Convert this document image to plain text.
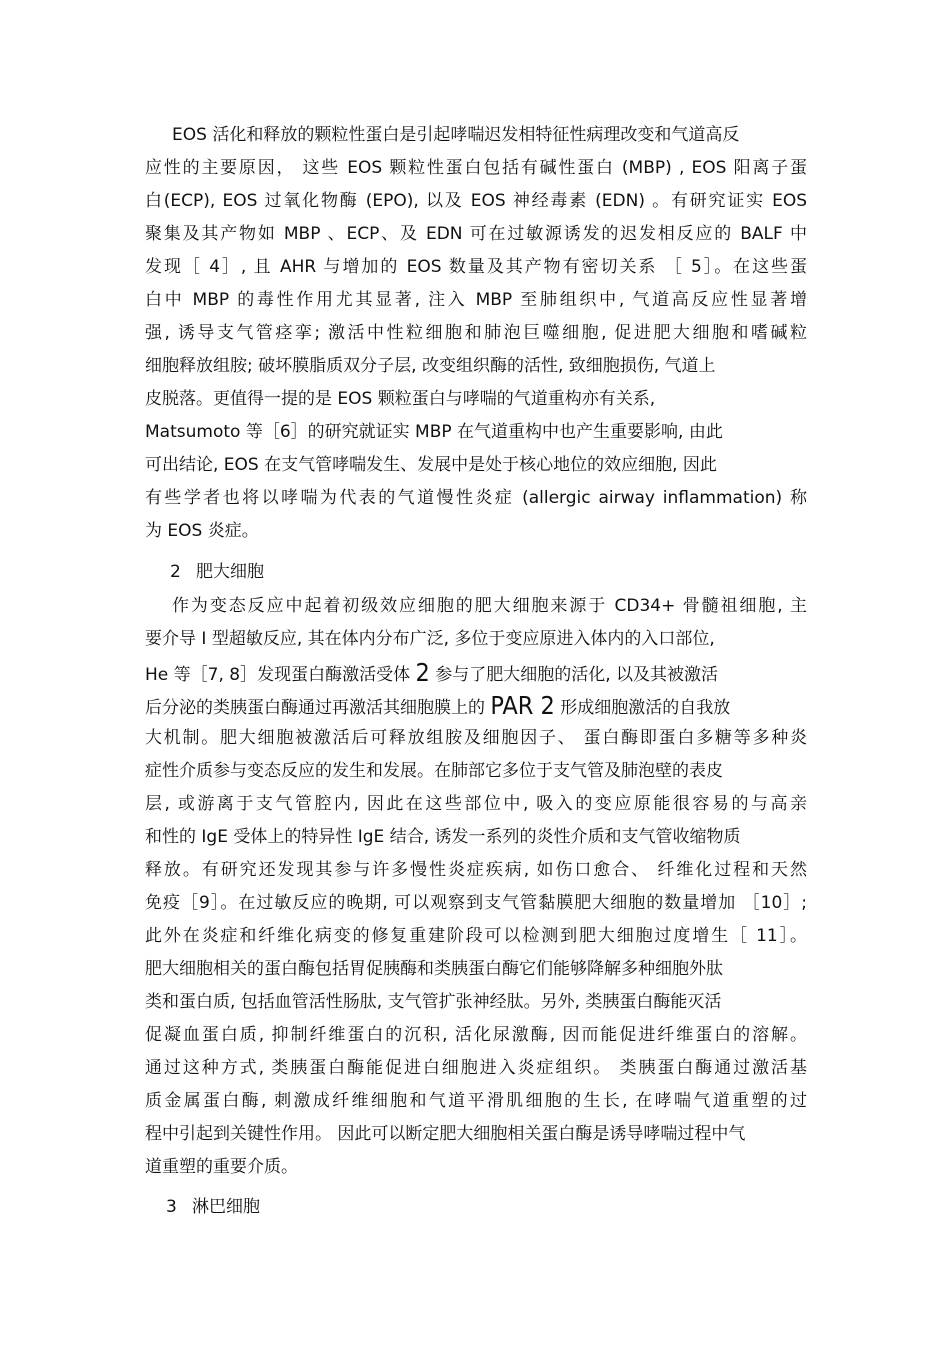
EOS 活化和释放的颗粒性蛋白是引起哮喘迟发相特征性病理改变和气道高反
应性的主要原因， 这些 EOS 颗粒性蛋白包括有碱性蛋白 (MBP) , EOS 阳离子蛋
白(ECP), EOS 过氧化物酶 (EPO), 以及 EOS 神经毒素 (EDN) 。有研究证实 EOS
聚集及其产物如 MBP 、ECP、及 EDN 可在过敏源诱发的迟发相反应的 BALF 中
发现［ 4］, 且 AHR 与增加的 EOS 数量及其产物有密切关系 ［ 5］。在这些蛋
白中 MBP 的毒性作用尤其显著, 注入 MBP 至肺组织中, 气道高反应性显著增
强, 诱导支气管痉挛; 激活中性粒细胞和肺泡巨噬细胞, 促进肥大细胞和嗜碱粒
细胞释放组胺; 破坏膜脂质双分子层, 改变组织酶的活性, 致细胞损伤, 气道上
皮脱落。更值得一提的是 EOS 颗粒蛋白与哮喘的气道重构亦有关系,
Matsumoto 等［6］的研究就证实 MBP 在气道重构中也产生重要影响, 由此
可出结论, EOS 在支气管哮喘发生、发展中是处于核心地位的效应细胞, 因此
有些学者也将以哮喘为代表的气道慢性炎症 (allergic airway inflammation) 称
为 EOS 炎症。
2 肥大细胞
作为变态反应中起着初级效应细胞的肥大细胞来源于 CD34+ 骨髓祖细胞, 主
要介导 I 型超敏反应, 其在体内分布广泛, 多位于变应原进入体内的入口部位,
He 等［7, 8］发现蛋白酶激活受体 2 参与了肥大细胞的活化, 以及其被激活
后分泌的类胰蛋白酶通过再激活其细胞膜上的 PAR 2 形成细胞激活的自我放
大机制。肥大细胞被激活后可释放组胺及细胞因子、 蛋白酶即蛋白多糖等多种炎
症性介质参与变态反应的发生和发展。在肺部它多位于支气管及肺泡壁的表皮
层, 或游离于支气管腔内, 因此在这些部位中, 吸入的变应原能很容易的与高亲
和性的 IgE 受体上的特异性 IgE 结合, 诱发一系列的炎性介质和支气管收缩物质
释放。有研究还发现其参与许多慢性炎症疾病, 如伤口愈合、 纤维化过程和天然
免疫［9］。在过敏反应的晚期, 可以观察到支气管黏膜肥大细胞的数量增加 ［10］;
此外在炎症和纤维化病变的修复重建阶段可以检测到肥大细胞过度增生［ 11］。
肥大细胞相关的蛋白酶包括胃促胰酶和类胰蛋白酶它们能够降解多种细胞外肽
类和蛋白质, 包括血管活性肠肽, 支气管扩张神经肽。另外, 类胰蛋白酶能灭活
促凝血蛋白质, 抑制纤维蛋白的沉积, 活化尿激酶, 因而能促进纤维蛋白的溶解。
通过这种方式, 类胰蛋白酶能促进白细胞进入炎症组织。 类胰蛋白酶通过激活基
质金属蛋白酶, 刺激成纤维细胞和气道平滑肌细胞的生长, 在哮喘气道重塑的过
程中引起到关键性作用。 因此可以断定肥大细胞相关蛋白酶是诱导哮喘过程中气
道重塑的重要介质。
3 淋巴细胞
